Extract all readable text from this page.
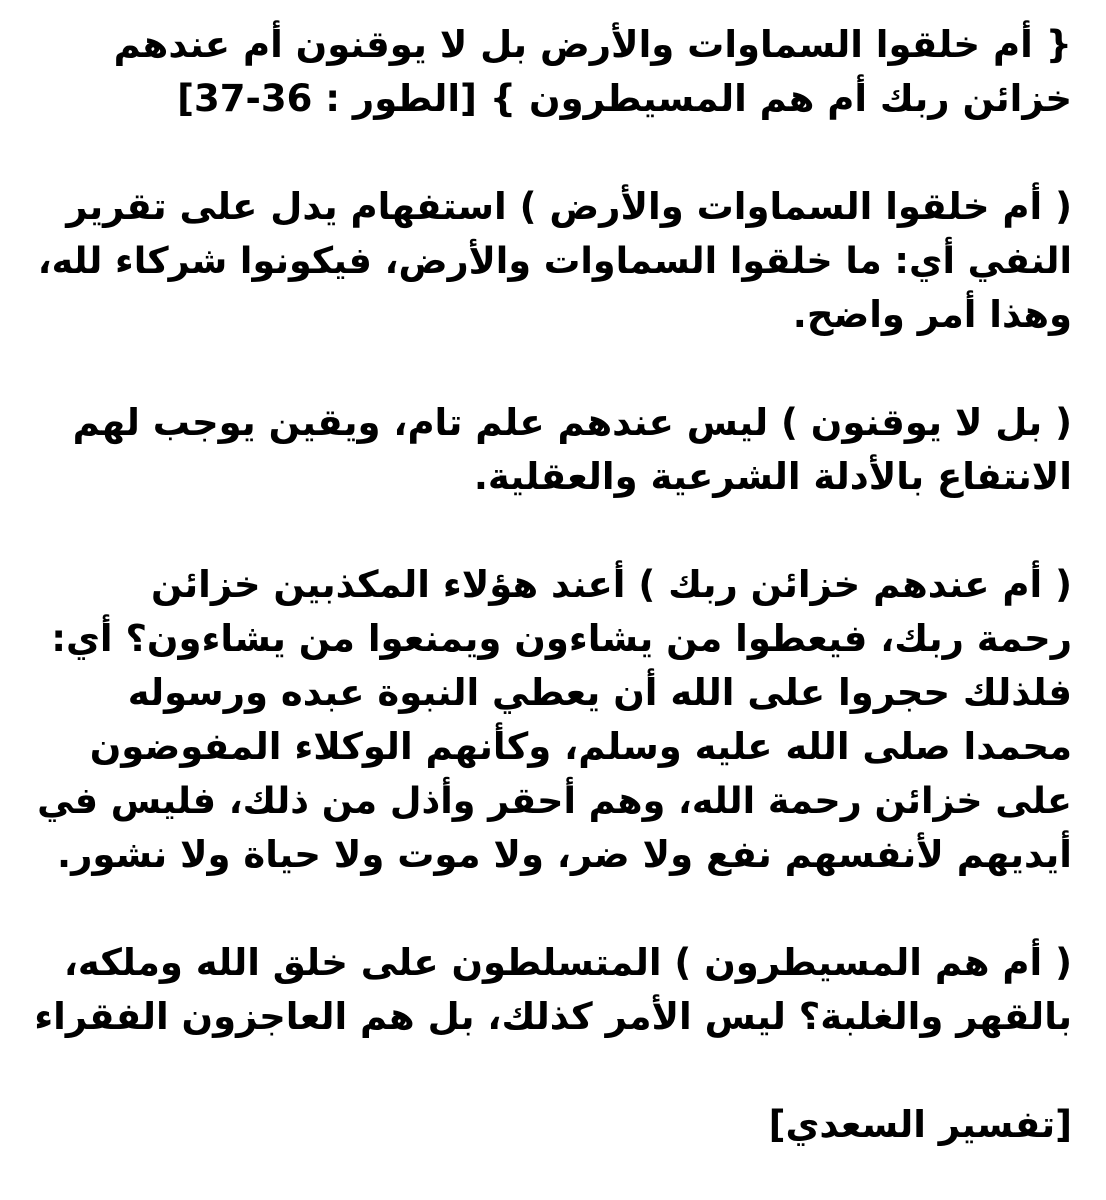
{ أم خلقوا السماوات والأرض بل لا يوقنون أم عندهم
خزائن ربك أم هم المسيطرون } [الطور : 36-37]
( أم خلقوا السماوات والأرض ) استفهام يدل على تقرير
النفي أي: ما خلقوا السماوات والأرض، فيكونوا شركاء لله،
وهذا أمر واضح.
( بل لا يوقنون ) ليس عندهم علم تام، ويقين يوجب لهم
الانتفاع بالأدلة الشرعية والعقلية.
( أم عندهم خزائن ربك ) أعند هؤلاء المكذبين خزائن
رحمة ربك، فيعطوا من يشاءون ويمنعوا من يشاءون؟ أي:
فلذلك حجروا على الله أن يعطي النبوة عبده ورسوله
محمدا صلى الله عليه وسلم، وكأنهم الوكلاء المفوضون
على خزائن رحمة الله، وهم أحقر وأذل من ذلك، فليس في
أيديهم لأنفسهم نفع ولا ضر، ولا موت ولا حياة ولا نشور.
( أم هم المسيطرون ) المتسلطون على خلق الله وملكه،
بالقهر والغلبة؟ ليس الأمر كذلك، بل هم العاجزون الفقراء
[تفسير السعدي]
